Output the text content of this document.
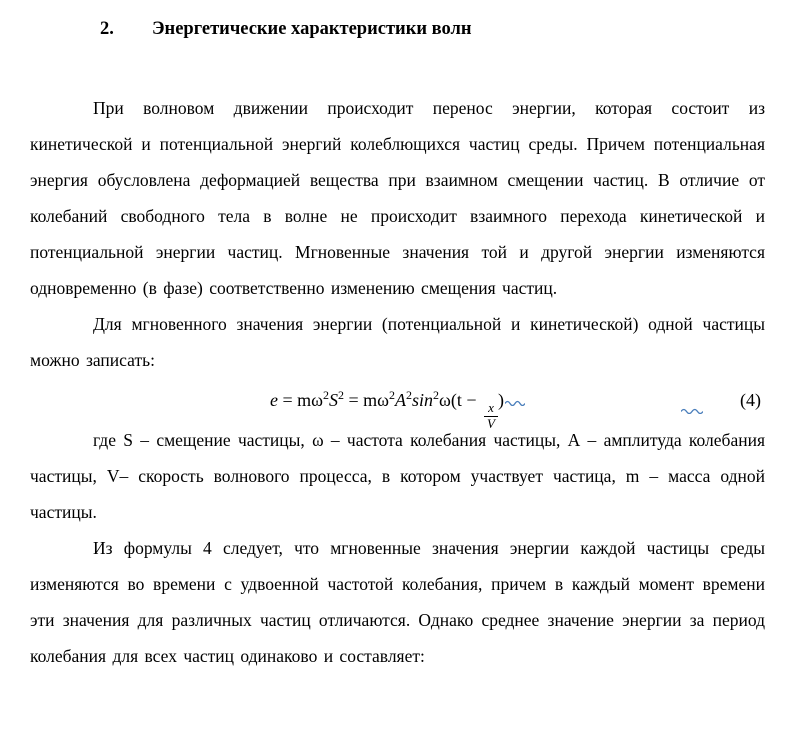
2. Энергетические характеристики волн

При волновом движении происходит перенос энергии, которая состоит из кинетической и потенциальной энергий колеблющихся частиц среды. Причем потенциальная энергия обусловлена деформацией вещества при взаимном смещении частиц. В отличие от колебаний свободного тела в волне не происходит взаимного перехода кинетической и потенциальной энергии частиц. Мгновенные значения той и другой энергии изменяются одновременно (в фазе) соответственно изменению смещения частиц.

Для мгновенного значения энергии (потенциальной и кинетической) одной частицы можно записать:

$e = m\omega^2S^2 = m\omega^2A^2\sin^2\omega(t$ −
$\frac{x}{V}$
)	(4)

где S – смещение частицы, ω – частота колебания частицы, А – амплитуда колебания частицы, V– скорость волнового процесса, в котором участвует частица, m – масса одной частицы.

Из формулы 4 следует, что мгновенные значения энергии каждой частицы среды изменяются во времени с удвоенной частотой колебания, причем в каждый момент времени эти значения для различных частиц отличаются. Однако среднее значение энергии за период колебания для всех частиц одинаково и составляет:
